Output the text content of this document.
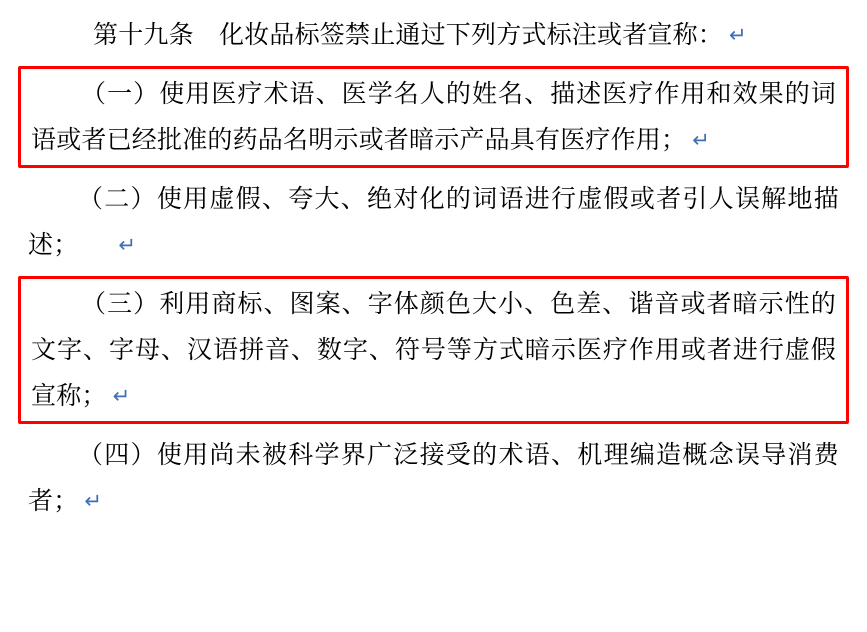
第十九条　化妆品标签禁止通过下列方式标注或者宣称： ↵

（一）使用医疗术语、医学名人的姓名、描述医疗作用和效果的词语或者已经批准的药品名明示或者暗示产品具有医疗作用； ↵

（二）使用虚假、夸大、绝对化的词语进行虚假或者引人误解地描述； ↵

（三）利用商标、图案、字体颜色大小、色差、谐音或者暗示性的文字、字母、汉语拼音、数字、符号等方式暗示医疗作用或者进行虚假宣称； ↵

（四）使用尚未被科学界广泛接受的术语、机理编造概念误导消费者； ↵
